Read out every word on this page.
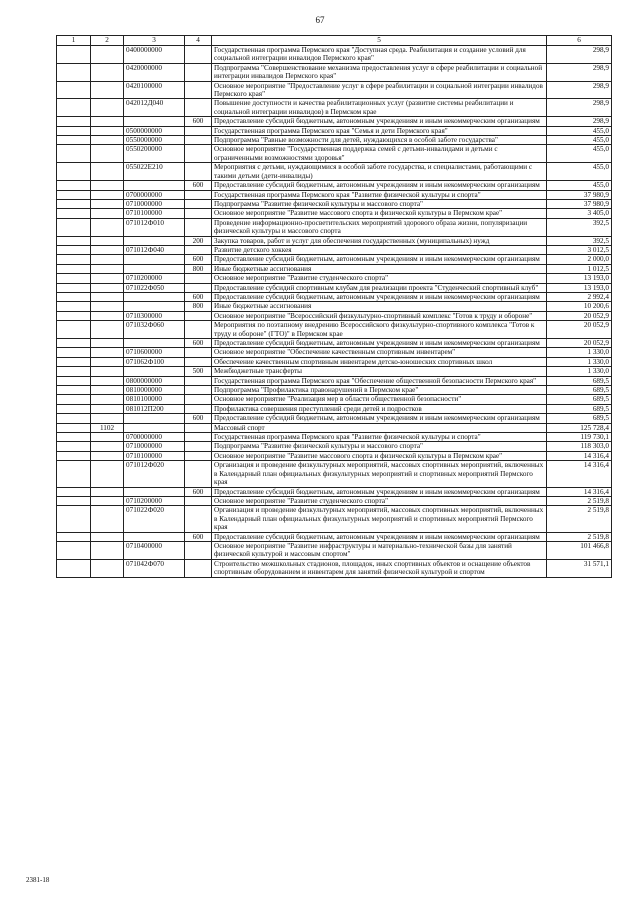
67
1	2	3	4	5	6
		0400000000		Государственная программа Пермского края "Доступная среда. Реабилитация и создание условий для социальной интеграции инвалидов Пермского края"	298,9
		0420000000		Подпрограмма "Совершенствование механизма предоставления услуг в сфере реабилитации и социальной интеграции инвалидов Пермского края"	298,9
		0420100000		Основное мероприятие "Предоставление услуг в сфере реабилитации и социальной интеграции инвалидов Пермского края"	298,9
		042012Д040		Повышение доступности и качества реабилитационных услуг (развитие системы реабилитации и социальной интеграции инвалидов) в Пермском крае	298,9
			600	Предоставление субсидий бюджетным, автономным учреждениям и иным некоммерческим организациям	298,9
		0500000000		Государственная программа Пермского края "Семья и дети Пермского края"	455,0
		0550000000		Подпрограмма "Равные возможности для детей, нуждающихся в особой заботе государства"	455,0
		0550200000		Основное мероприятие "Государственная поддержка семей с детьми-инвалидами и детьми с ограниченными возможностями здоровья"	455,0
		055022Е210		Мероприятия с детьми, нуждающимися в особой заботе государства, и специалистами, работающими с такими детьми (дети-инвалиды)	455,0
			600	Предоставление субсидий бюджетным, автономным учреждениям и иным некоммерческим организациям	455,0
		0700000000		Государственная программа Пермского края "Развитие физической культуры и спорта"	37 980,9
		0710000000		Подпрограмма "Развитие физической культуры и массового спорта"	37 980,9
		0710100000		Основное мероприятие "Развитие массового спорта и физической культуры в Пермском крае"	3 405,0
		071012Ф010		Проведение информационно-просветительских мероприятий здорового образа жизни, популяризации физической культуры и массового спорта	392,5
			200	Закупка товаров, работ и услуг для обеспечения государственных (муниципальных) нужд	392,5
		071012Ф040		Развитие детского хоккея	3 012,5
			600	Предоставление субсидий бюджетным, автономным учреждениям и иным некоммерческим организациям	2 000,0
			800	Иные бюджетные ассигнования	1 012,5
		0710200000		Основное мероприятие "Развитие студенческого спорта"	13 193,0
		071022Ф050		Предоставление субсидий спортивным клубам для реализации проекта "Студенческий спортивный клуб"	13 193,0
			600	Предоставление субсидий бюджетным, автономным учреждениям и иным некоммерческим организациям	2 992,4
			800	Иные бюджетные ассигнования	10 200,6
		0710300000		Основное мероприятие "Всероссийский физкультурно-спортивный комплекс "Готов к труду и обороне"	20 052,9
		071032Ф060		Мероприятия по поэтапному внедрению Всероссийского физкультурно-спортивного комплекса "Готов к труду и обороне" (ГТО)" в Пермском крае	20 052,9
			600	Предоставление субсидий бюджетным, автономным учреждениям и иным некоммерческим организациям	20 052,9
		0710600000		Основное мероприятие "Обеспечение качественным спортивным инвентарем"	1 330,0
		071062Ф100		Обеспечение качественным спортивным инвентарем детско-юношеских спортивных школ	1 330,0
			500	Межбюджетные трансферты	1 330,0
		0800000000		Государственная программа Пермского края "Обеспечение общественной безопасности Пермского края"	689,5
		0810000000		Подпрограмма "Профилактика правонарушений в Пермском крае"	689,5
		0810100000		Основное мероприятие "Реализация мер в области общественной безопасности"	689,5
		081012П200		Профилактика совершения преступлений среди детей и подростков	689,5
			600	Предоставление субсидий бюджетным, автономным учреждениям и иным некоммерческим организациям	689,5
	1102			Массовый спорт	125 728,4
		0700000000		Государственная программа Пермского края "Развитие физической культуры и спорта"	119 730,1
		0710000000		Подпрограмма "Развитие физической культуры и массового спорта"	118 303,0
		0710100000		Основное мероприятие "Развитие массового спорта и физической культуры в Пермском крае"	14 316,4
		071012Ф020		Организация и проведение физкультурных мероприятий, массовых спортивных мероприятий, включенных в Календарный план официальных физкультурных мероприятий и спортивных мероприятий Пермского края	14 316,4
			600	Предоставление субсидий бюджетным, автономным учреждениям и иным некоммерческим организациям	14 316,4
		0710200000		Основное мероприятие "Развитие студенческого спорта"	2 519,8
		071022Ф020		Организация и проведение физкультурных мероприятий, массовых спортивных мероприятий, включенных в Календарный план официальных физкультурных мероприятий и спортивных мероприятий Пермского края	2 519,8
			600	Предоставление субсидий бюджетным, автономным учреждениям и иным некоммерческим организациям	2 519,8
		0710400000		Основное мероприятие "Развитие инфраструктуры и материально-технической базы для занятий физической культурой и массовым спортом"	101 466,8
		071042Ф070		Строительство межшкольных стадионов, площадок, иных спортивных объектов и оснащение объектов спортивным оборудованием и инвентарем для занятий физической культурой и спортом	31 571,1
2381-18
